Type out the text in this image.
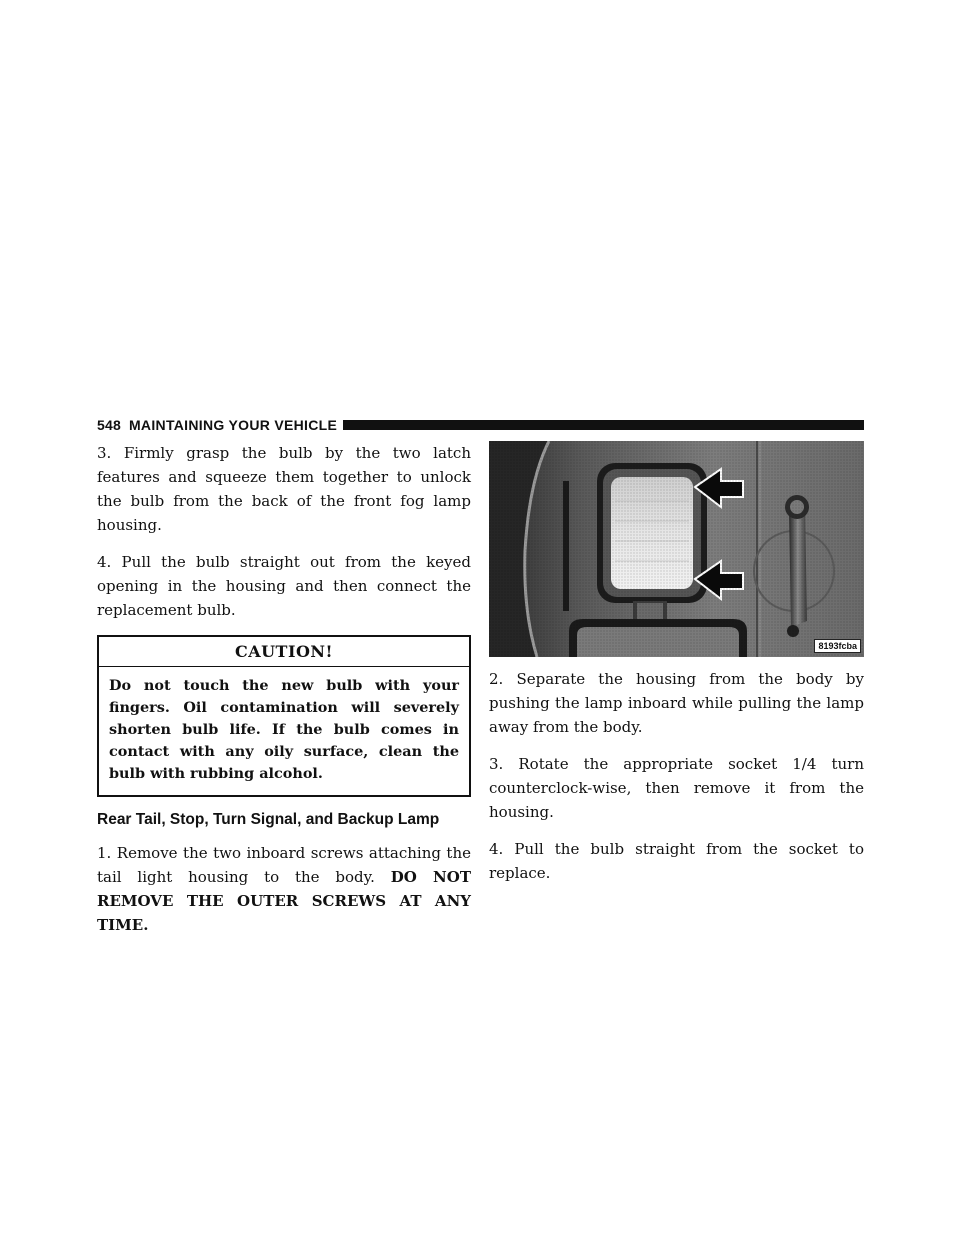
548 MAINTAINING YOUR VEHICLE

3. Firmly grasp the bulb by the two latch features and squeeze them together to unlock the bulb from the back of the front fog lamp housing.

4. Pull the bulb straight out from the keyed opening in the housing and then connect the replacement bulb.

CAUTION!
Do not touch the new bulb with your fingers. Oil contamination will severely shorten bulb life. If the bulb comes in contact with any oily surface, clean the bulb with rubbing alcohol.
Rear Tail, Stop, Turn Signal, and Backup Lamp

1. Remove the two inboard screws attaching the tail light housing to the body. DO NOT REMOVE THE OUTER SCREWS AT ANY TIME.

8193fcba

2. Separate the housing from the body by pushing the lamp inboard while pulling the lamp away from the body.

3. Rotate the appropriate socket 1/4 turn counterclock-wise, then remove it from the housing.

4. Pull the bulb straight from the socket to replace.
